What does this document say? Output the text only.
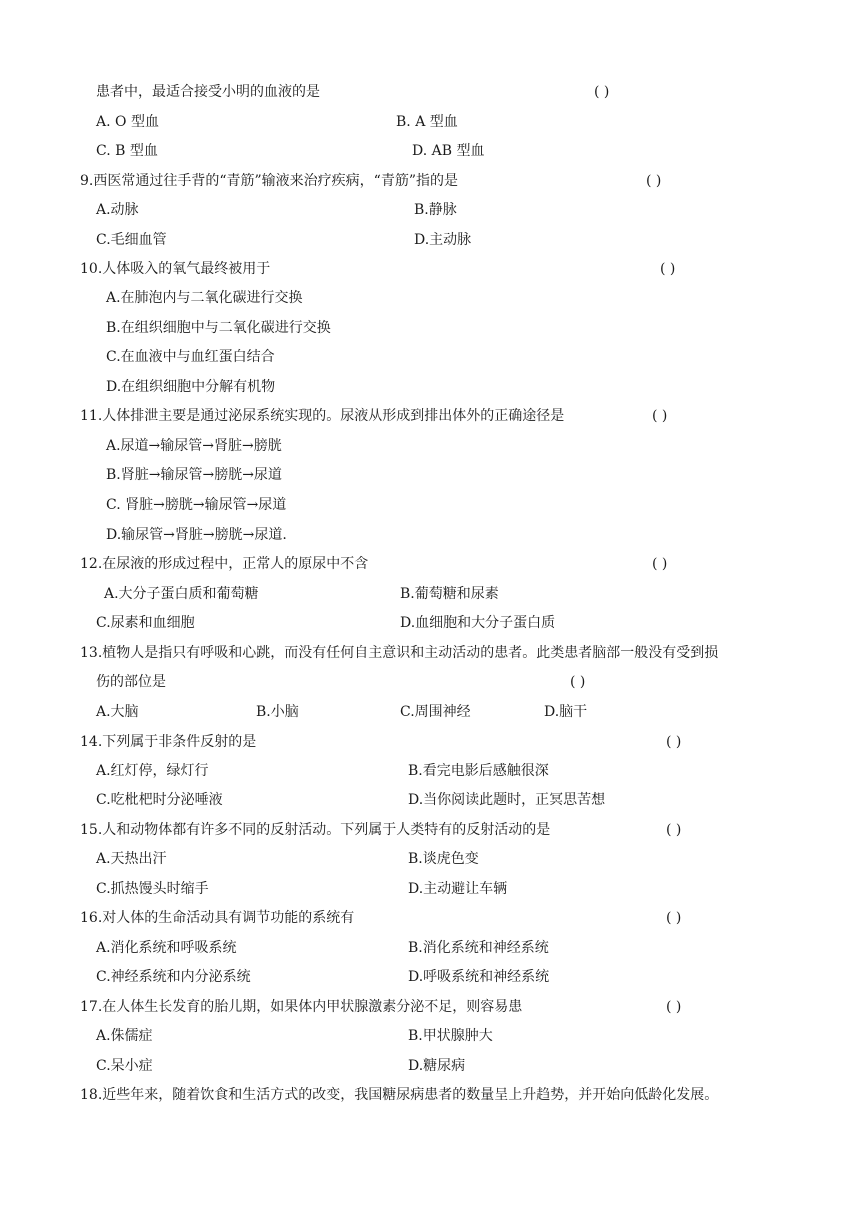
患者中，最适合接受小明的血液的是	( )
A. O 型血	B. A 型血
C. B 型血	D. AB 型血
9.西医常通过往手背的“青筋”输液来治疗疾病，“青筋”指的是	( )
A.动脉	B.静脉
C.毛细血管	D.主动脉
10.人体吸入的氧气最终被用于	( )
A.在肺泡内与二氧化碳进行交换
B.在组织细胞中与二氧化碳进行交换
C.在血液中与血红蛋白结合
D.在组织细胞中分解有机物
11.人体排泄主要是通过泌尿系统实现的。尿液从形成到排出体外的正确途径是	( )
A.尿道→输尿管→肾脏→膀胱
B.肾脏→输尿管→膀胱→尿道
C. 肾脏→膀胱→输尿管→尿道
D.输尿管→肾脏→膀胱→尿道.
12.在尿液的形成过程中，正常人的原尿中不含	( )
A.大分子蛋白质和葡萄糖	B.葡萄糖和尿素
C.尿素和血细胞	D.血细胞和大分子蛋白质
13.植物人是指只有呼吸和心跳，而没有任何自主意识和主动活动的患者。此类患者脑部一般没有受到损
伤的部位是	( )
A.大脑	B.小脑	C.周围神经	D.脑干
14.下列属于非条件反射的是	( )
A.红灯停，绿灯行	B.看完电影后感触很深
C.吃枇杷时分泌唾液	D.当你阅读此题时，正冥思苦想
15.人和动物体都有许多不同的反射活动。下列属于人类特有的反射活动的是	( )
A.天热出汗	B.谈虎色变
C.抓热馒头时缩手	D.主动避让车辆
16.对人体的生命活动具有调节功能的系统有	( )
A.消化系统和呼吸系统	B.消化系统和神经系统
C.神经系统和内分泌系统	D.呼吸系统和神经系统
17.在人体生长发育的胎儿期，如果体内甲状腺激素分泌不足，则容易患	( )
A.侏儒症	B.甲状腺肿大
C.呆小症	D.糖尿病
18.近些年来，随着饮食和生活方式的改变，我国糖尿病患者的数量呈上升趋势，并开始向低龄化发展。
